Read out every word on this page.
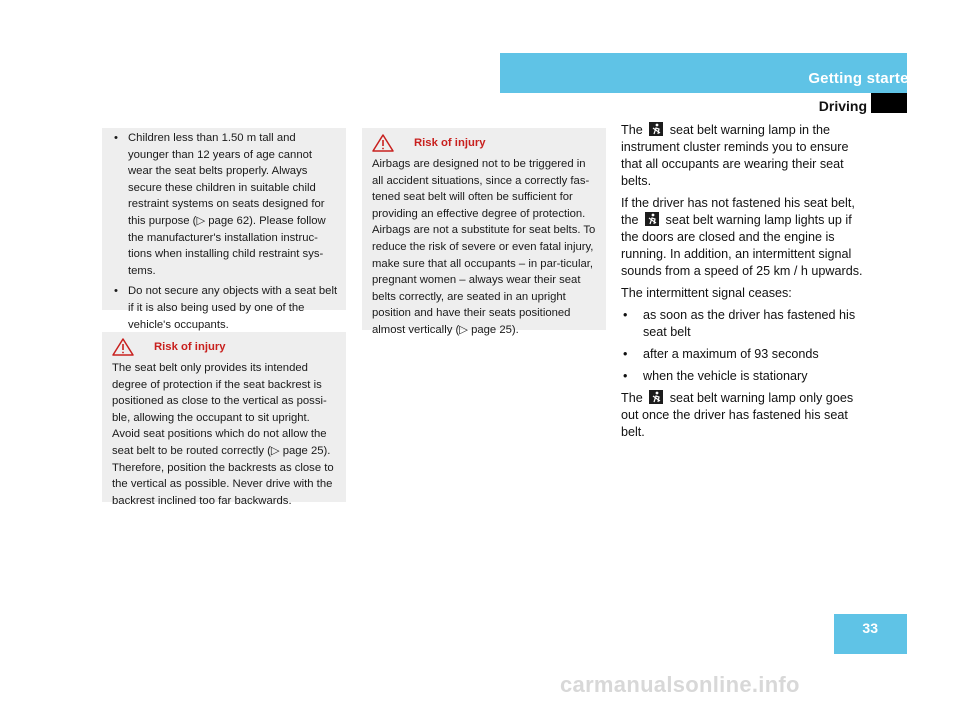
Getting started
Driving
• Children less than 1.50 m tall and younger than 12 years of age cannot wear the seat belts properly. Always secure these children in suitable child restraint systems on seats designed for this purpose (▷ page 62). Please follow the manufacturer's installation instruc-tions when installing child restraint sys-tems.
• Do not secure any objects with a seat belt if it is also being used by one of the vehicle's occupants.
Risk of injury

The seat belt only provides its intended degree of protection if the seat backrest is positioned as close to the vertical as possi-ble, allowing the occupant to sit upright. Avoid seat positions which do not allow the seat belt to be routed correctly (▷ page 25). Therefore, position the backrests as close to the vertical as possible. Never drive with the backrest inclined too far backwards.

Risk of injury

Airbags are designed not to be triggered in all accident situations, since a correctly fas-tened seat belt will often be sufficient for providing an effective degree of protection. Airbags are not a substitute for seat belts. To reduce the risk of severe or even fatal injury, make sure that all occupants – in par-ticular, pregnant women – always wear their seat belts correctly, are seated in an upright position and have their seats positioned almost vertically (▷ page 25).

The seat belt warning lamp in the instrument cluster reminds you to ensure that all occupants are wearing their seat belts.

If the driver has not fastened his seat belt, the seat belt warning lamp lights up if the doors are closed and the engine is running. In addition, an intermittent signal sounds from a speed of 25 km / h upwards.

The intermittent signal ceases:

• as soon as the driver has fastened his seat belt
• after a maximum of 93 seconds
• when the vehicle is stationary

The seat belt warning lamp only goes out once the driver has fastened his seat belt.

33
carmanualsonline.info
